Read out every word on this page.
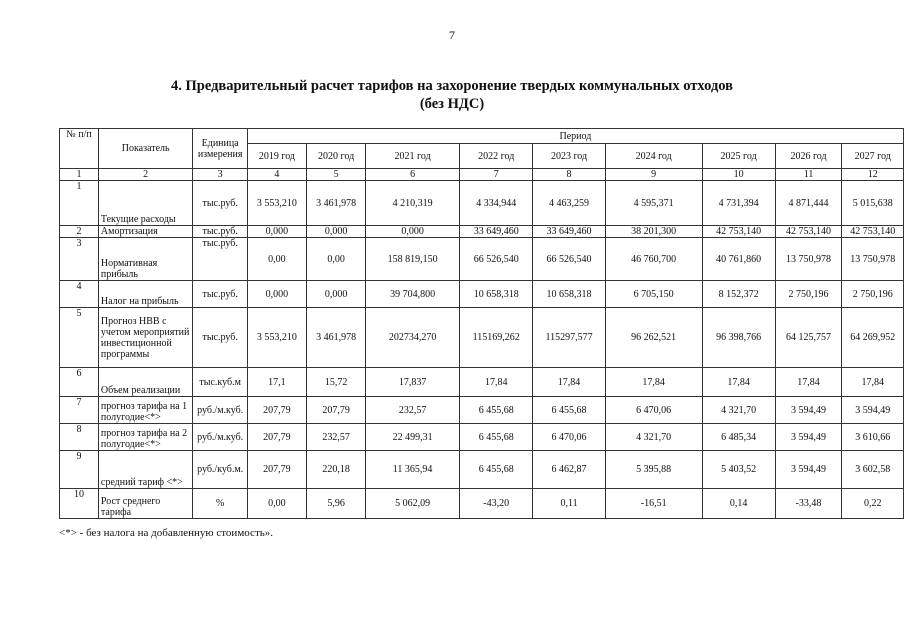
7
4. Предварительный расчет тарифов на захоронение твердых коммунальных отходов
(без НДС)
№ п/п	Показатель	Единица измерения	Период								
			2019 год	2020 год	2021 год	2022 год	2023 год	2024 год	2025 год	2026 год	2027 год
1	2	3	4	5	6	7	8	9	10	11	12
1	Текущие расходы	тыс.руб.	3 553,210	3 461,978	4 210,319	4 334,944	4 463,259	4 595,371	4 731,394	4 871,444	5 015,638
2	Амортизация	тыс.руб.	0,000	0,000	0,000	33 649,460	33 649,460	38 201,300	42 753,140	42 753,140	42 753,140
3	Нормативная прибыль	тыс.руб.	0,00	0,00	158 819,150	66 526,540	66 526,540	46 760,700	40 761,860	13 750,978	13 750,978
4	Налог на прибыль	тыс.руб.	0,000	0,000	39 704,800	10 658,318	10 658,318	6 705,150	8 152,372	2 750,196	2 750,196
5	Прогноз НВВ с учетом мероприятий инвестиционной программы	тыс.руб.	3 553,210	3 461,978	202734,270	115169,262	115297,577	96 262,521	96 398,766	64 125,757	64 269,952
6	Объем реализации	тыс.куб.м	17,1	15,72	17,837	17,84	17,84	17,84	17,84	17,84	17,84
7	прогноз тарифа на 1 полугодие<*>	руб./м.куб.	207,79	207,79	232,57	6 455,68	6 455,68	6 470,06	4 321,70	3 594,49	3 594,49
8	прогноз тарифа на 2 полугодие<*>	руб./м.куб.	207,79	232,57	22 499,31	6 455,68	6 470,06	4 321,70	6 485,34	3 594,49	3 610,66
9	средний тариф <*>	руб./куб.м.	207,79	220,18	11 365,94	6 455,68	6 462,87	5 395,88	5 403,52	3 594,49	3 602,58
10	Рост среднего тарифа	%	0,00	5,96	5 062,09	-43,20	0,11	-16,51	0,14	-33,48	0,22
<*> - без налога на добавленную стоимость».
